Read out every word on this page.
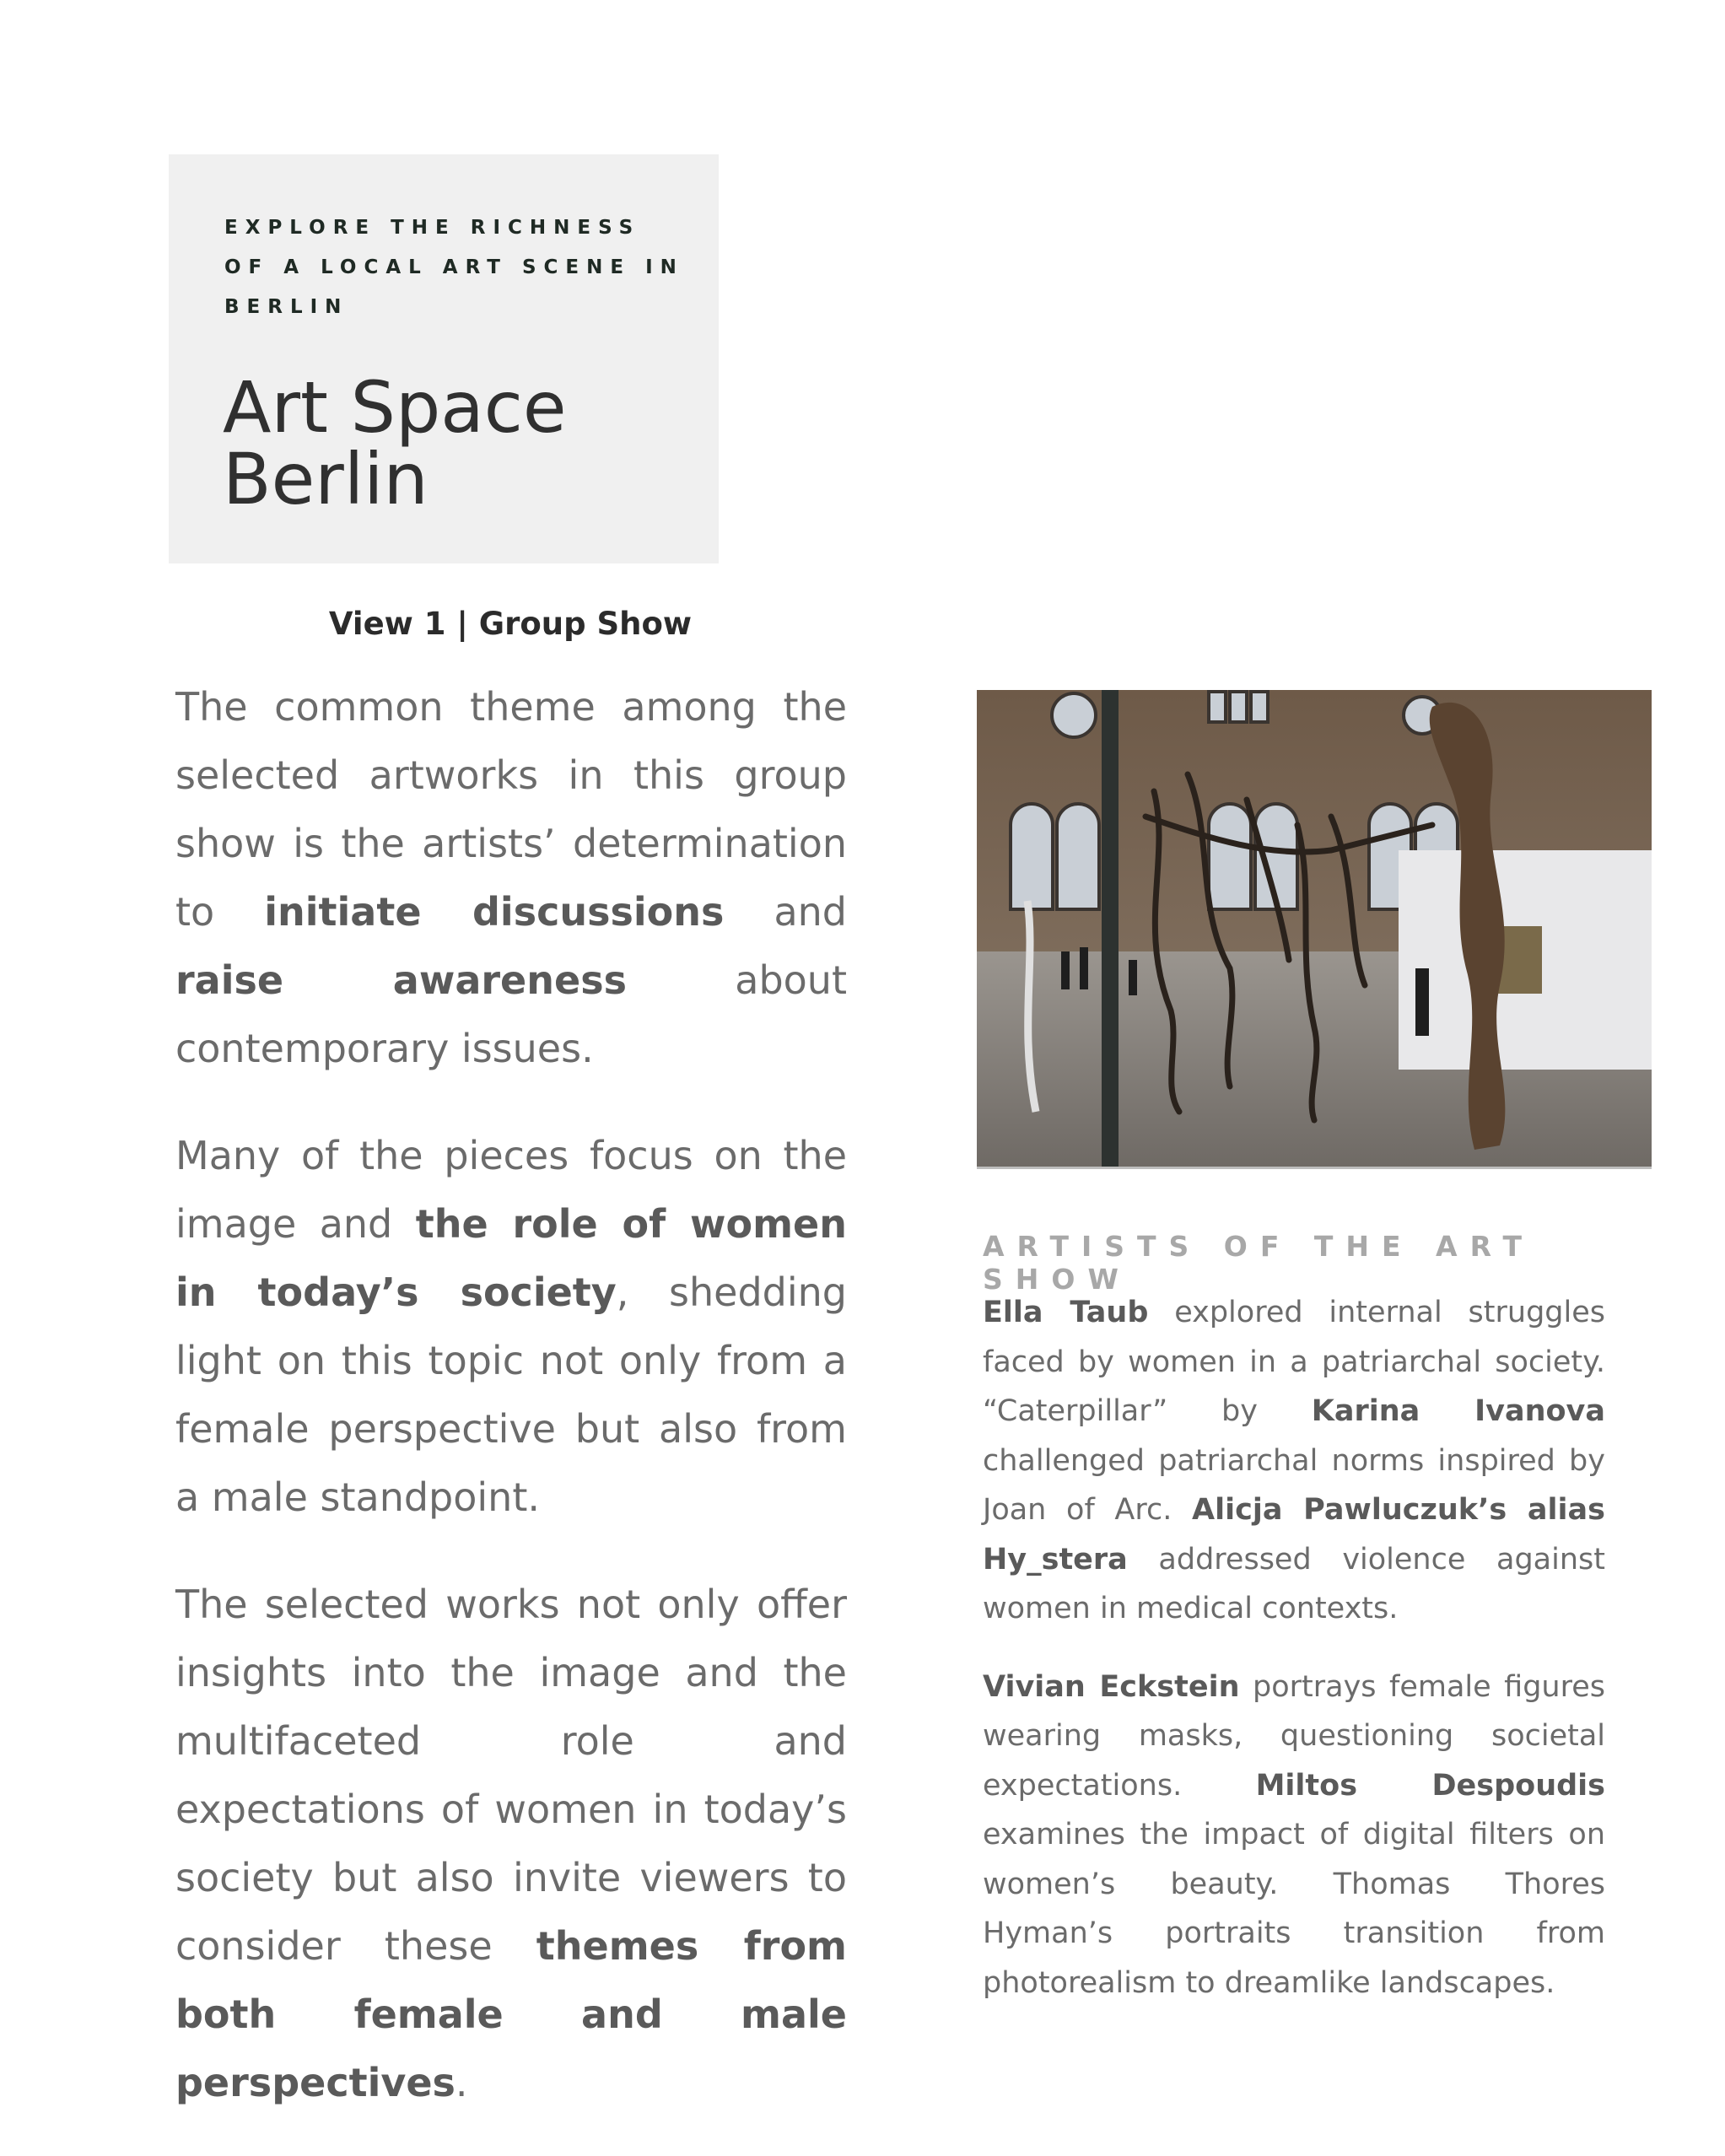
EXPLORE THE RICHNESS OF A LOCAL ART SCENE IN BERLIN
Art Space
Berlin
View 1 | Group Show

The common theme among the selected artworks in this group show is the artists’ determination to initiate discussions and raise awareness about contemporary issues.

Many of the pieces focus on the image and the role of women in today’s society, shedding light on this topic not only from a female perspective but also from a male standpoint.

The selected works not only offer insights into the image and the multifaceted role and expectations of women in today’s society but also invite viewers to consider these themes from both female and male perspectives.

ARTISTS OF THE ART SHOW

Ella Taub explored internal struggles faced by women in a patriarchal society. “Caterpillar” by Karina Ivanova challenged patriarchal norms inspired by Joan of Arc. Alicja Pawluczuk’s alias Hy_stera addressed violence against women in medical contexts.

Vivian Eckstein portrays female figures wearing masks, questioning societal expectations. Miltos Despoudis examines the impact of digital filters on women’s beauty. Thomas Thores Hyman’s portraits transition from photorealism to dreamlike landscapes.
